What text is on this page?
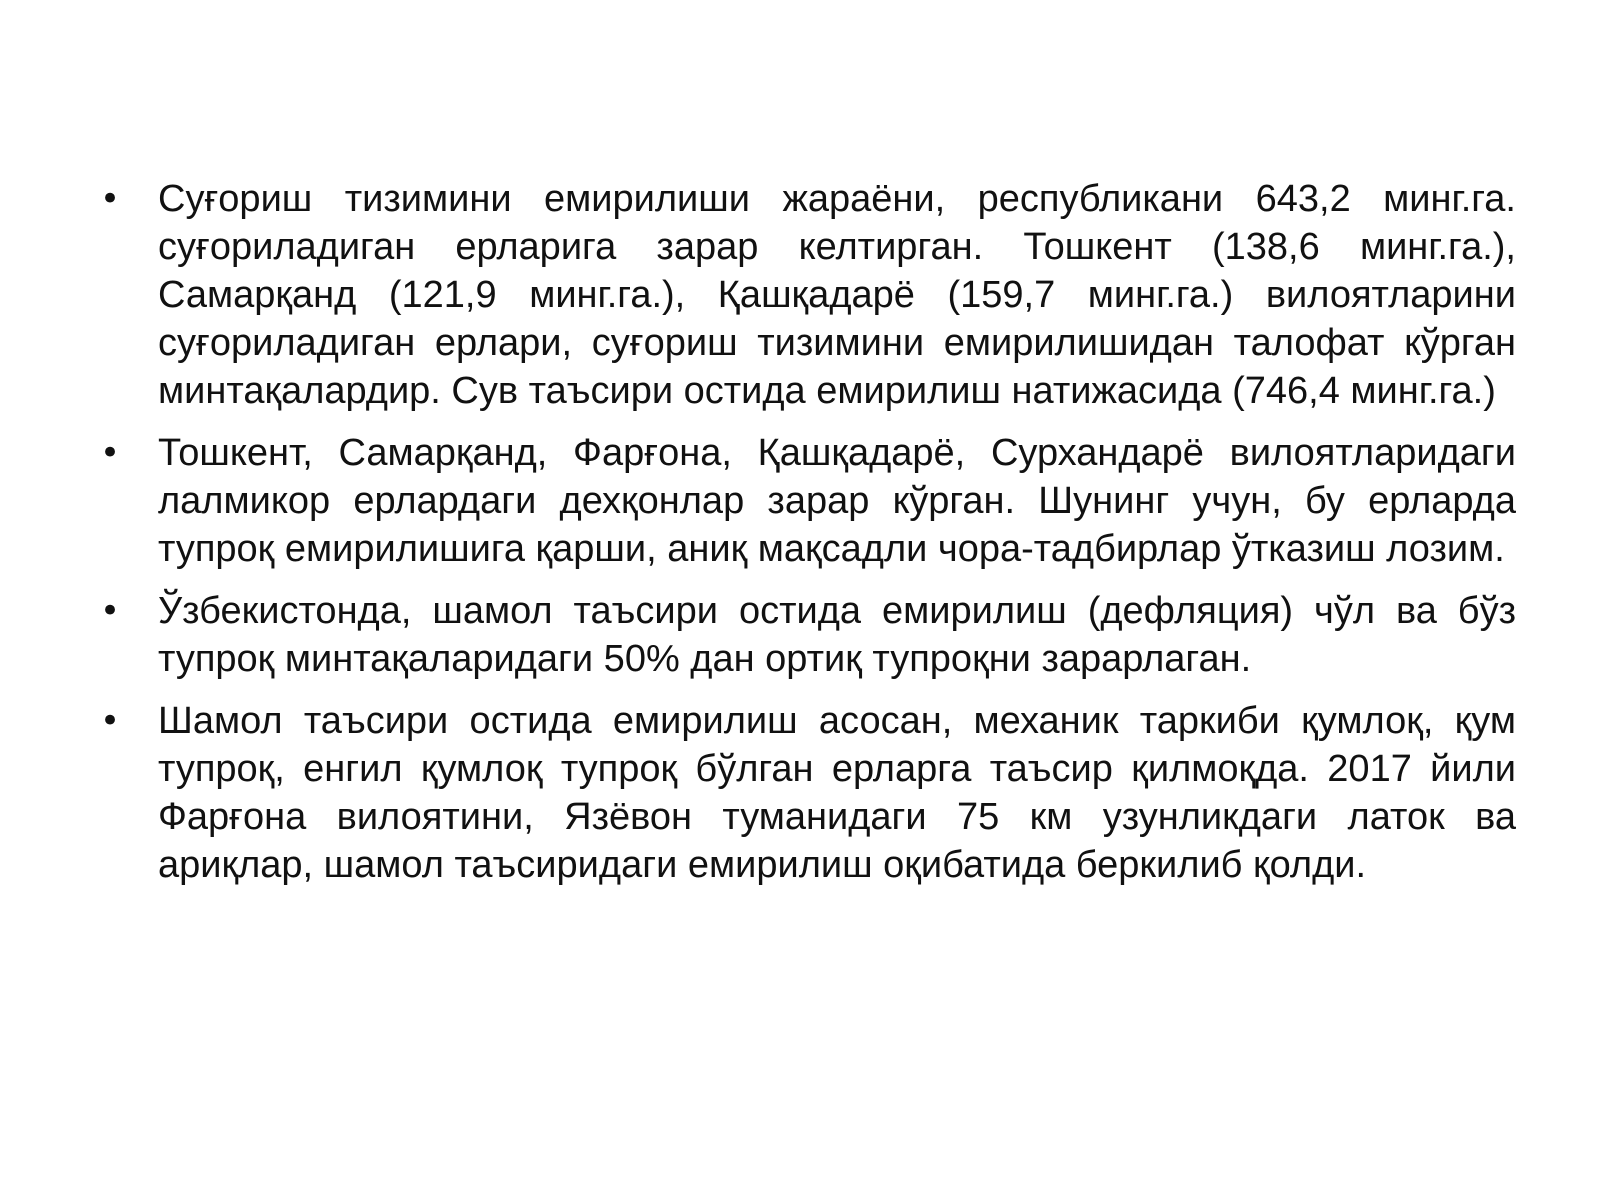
• Суғориш тизимини емирилиши жараёни, республикани 643,2 минг.га. суғориладиган ерларига зарар келтирган. Тошкент (138,6 минг.га.), Самарқанд (121,9 минг.га.), Қашқадарё (159,7 минг.га.) вилоятларини суғориладиган ерлари, суғориш тизимини емирилишидан талофат кўрган минтақалардир. Сув таъсири остида емирилиш натижасида (746,4 минг.га.)
• Тошкент, Самарқанд, Фарғона, Қашқадарё, Сурхандарё вилоятларидаги лалмикор ерлардаги дехқонлар зарар кўрган. Шунинг учун, бу ерларда тупроқ емирилишига қарши, аниқ мақсадли чора-тадбирлар ўтказиш лозим.
• Ўзбекистонда, шамол таъсири остида емирилиш (дефляция) чўл ва бўз тупроқ минтақаларидаги 50% дан ортиқ тупроқни зарарлаган.
• Шамол таъсири остида емирилиш асосан, механик таркиби қумлоқ, қум тупроқ, енгил қумлоқ тупроқ бўлган ерларга таъсир қилмоқда. 2017 йили Фарғона вилоятини, Язёвон туманидаги 75 км узунликдаги латок ва ариқлар, шамол таъсиридаги емирилиш оқибатида беркилиб қолди.
